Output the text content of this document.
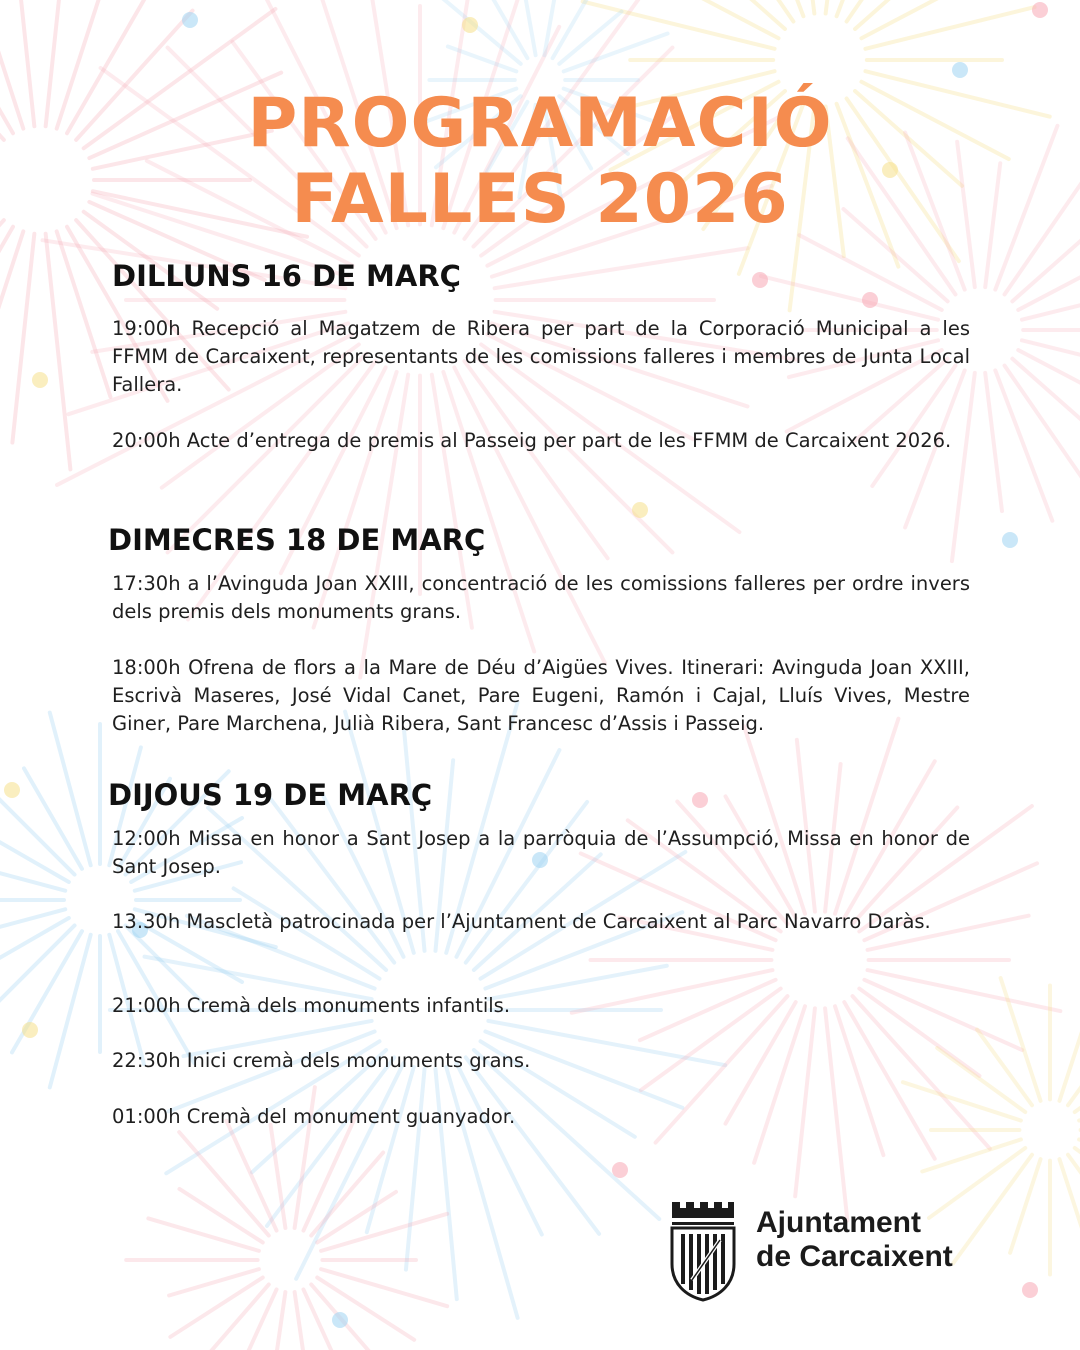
PROGRAMACIÓ
FALLES 2026
DILLUNS 16 DE MARÇ
19:00h Recepció al Magatzem de Ribera per part de la Corporació Municipal a les FFMM de Carcaixent, representants de les comissions falleres i membres de Junta Local Fallera.
20:00h Acte d’entrega de premis al Passeig per part de les FFMM de Carcaixent 2026.
DIMECRES 18 DE MARÇ
17:30h a l’Avinguda Joan XXIII, concentració de les comissions falleres per ordre invers dels premis dels monuments grans.
18:00h Ofrena de flors a la Mare de Déu d’Aigües Vives. Itinerari: Avinguda Joan XXIII, Escrivà Maseres, José Vidal Canet, Pare Eugeni, Ramón i Cajal, Lluís Vives, Mestre Giner, Pare Marchena, Julià Ribera, Sant Francesc d’Assis i Passeig.
DIJOUS 19 DE MARÇ
12:00h Missa en honor a Sant Josep a la parròquia de l’Assumpció, Missa en honor de Sant Josep.
13.30h Mascletà patrocinada per l’Ajuntament de Carcaixent al Parc Navarro Daràs.
21:00h Cremà dels monuments infantils.
22:30h Inici cremà dels monuments grans.
01:00h Cremà del monument guanyador.
Ajuntament
de Carcaixent
